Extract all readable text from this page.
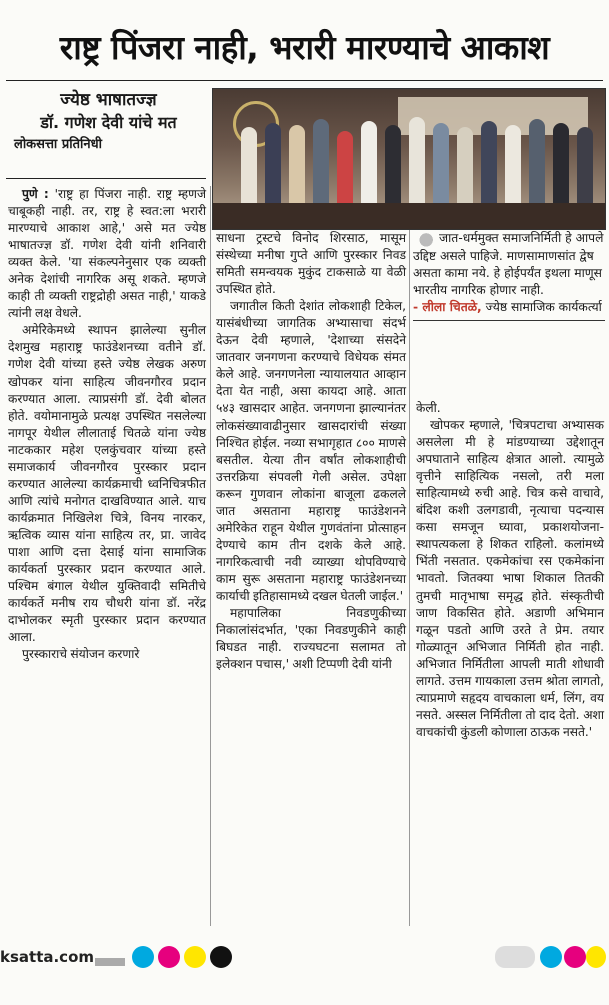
राष्ट्र पिंजरा नाही, भरारी मारण्याचे आकाश
ज्येष्ठ भाषातज्ज्ञ
डॉ. गणेश देवी यांचे मत
लोकसत्ता प्रतिनिधी

पुणे : 'राष्ट्र हा पिंजरा नाही. राष्ट्र म्हणजे चाबूकही नाही. तर, राष्ट्र हे स्वत:ला भरारी मारण्याचे आकाश आहे,' असे मत ज्येष्ठ भाषातज्ज्ञ डॉ. गणेश देवी यांनी शनिवारी व्यक्त केले. 'या संकल्पनेनुसार एक व्यक्ती अनेक देशांची नागरिक असू शकते. म्हणजे काही ती व्यक्ती राष्ट्रद्रोही असत नाही,' याकडे त्यांनी लक्ष वेधले.

अमेरिकेमध्ये स्थापन झालेल्या सुनील देशमुख महाराष्ट्र फाउंडेशनच्या वतीने डॉ. गणेश देवी यांच्या हस्ते ज्येष्ठ लेखक अरुण खोपकर यांना साहित्य जीवनगौरव प्रदान करण्यात आला. त्याप्रसंगी डॉ. देवी बोलत होते. वयोमानामुळे प्रत्यक्ष उपस्थित नसलेल्या नागपूर येथील लीलाताई चितळे यांना ज्येष्ठ नाटककार महेश एलकुंचवार यांच्या हस्ते समाजकार्य जीवनगौरव पुरस्कार प्रदान करण्यात आलेल्या कार्यक्रमाची ध्वनिचित्रफीत आणि त्यांचे मनोगत दाखविण्यात आले. याच कार्यक्रमात निखिलेश चित्रे, विनय नारकर, ऋत्विक व्यास यांना साहित्य तर, प्रा. जावेद पाशा आणि दत्ता देसाई यांना सामाजिक कार्यकर्ता पुरस्कार प्रदान करण्यात आले. पश्चिम बंगाल येथील युक्तिवादी समितीचे कार्यकर्ते मनीष राय चौधरी यांना डॉ. नरेंद्र दाभोलकर स्मृती पुरस्कार प्रदान करण्यात आला.

पुरस्काराचे संयोजन करणारे

साधना ट्रस्टचे विनोद शिरसाठ, मासूम संस्थेच्या मनीषा गुप्ते आणि पुरस्कार निवड समिती समन्वयक मुकुंद टाकसाळे या वेळी उपस्थित होते.

जगातील किती देशांत लोकशाही टिकेल, यासंबंधीच्या जागतिक अभ्यासाचा संदर्भ देऊन देवी म्हणाले, 'देशाच्या संसदेने जातवार जनगणना करण्याचे विधेयक संमत केले आहे. जनगणनेला न्यायालयात आव्हान देता येत नाही, असा कायदा आहे. आता ५४३ खासदार आहेत. जनगणना झाल्यानंतर लोकसंख्यावाढीनुसार खासदारांची संख्या निश्चित होईल. नव्या सभागृहात ८०० माणसे बसतील. येत्या तीन वर्षांत लोकशाहीची उत्तरक्रिया संपवली गेली असेल. उपेक्षा करून गुणवान लोकांना बाजूला ढकलले जात असताना महाराष्ट्र फाउंडेशनने अमेरिकेत राहून येथील गुणवंतांना प्रोत्साहन देण्याचे काम तीन दशके केले आहे. नागरिकत्वाची नवी व्याख्या थोपविण्याचे काम सुरू असताना महाराष्ट्र फाउंडेशनच्या कार्याची इतिहासामध्ये दखल घेतली जाईल.'

महापालिका निवडणुकीच्या निकालांसंदर्भात, 'एका निवडणुकीने काही बिघडत नाही. राज्यघटना सलामत तो इलेक्शन पचास,' अशी टिप्पणी देवी यांनी

जात-धर्ममुक्त समाजनिर्मिती हे आपले उद्दिष्ट असले पाहिजे. माणसामाणसांत द्वेष असता कामा नये. हे होईपर्यंत इथला माणूस भारतीय नागरिक होणार नाही.
- लीला चितळे, ज्येष्ठ सामाजिक कार्यकर्त्या

केली.

खोपकर म्हणाले, 'चित्रपटाचा अभ्यासक असलेला मी हे मांडण्याच्या उद्देशातून अपघाताने साहित्य क्षेत्रात आलो. त्यामुळे वृत्तीने साहित्यिक नसलो, तरी मला साहित्यामध्ये रुची आहे. चित्र कसे वाचावे, बंदिश कशी उलगडावी, नृत्याचा पदन्यास कसा समजून घ्यावा, प्रकाशयोजना-स्थापत्यकला हे शिकत राहिलो. कलांमध्ये भिंती नसतात. एकमेकांचा रस एकमेकांना भावतो. जितक्या भाषा शिकाल तितकी तुमची मातृभाषा समृद्ध होते. संस्कृतीची जाण विकसित होते. अडाणी अभिमान गळून पडतो आणि उरते ते प्रेम. तयार गोळ्यातून अभिजात निर्मिती होत नाही. अभिजात निर्मितीला आपली माती शोधावी लागते. उत्तम गायकाला उत्तम श्रोता लागतो, त्याप्रमाणे सहृदय वाचकाला धर्म, लिंग, वय नसते. अस्सल निर्मितीला तो दाद देतो. अशा वाचकांची कुंडली कोणाला ठाऊक नसते.'

ksatta.com
